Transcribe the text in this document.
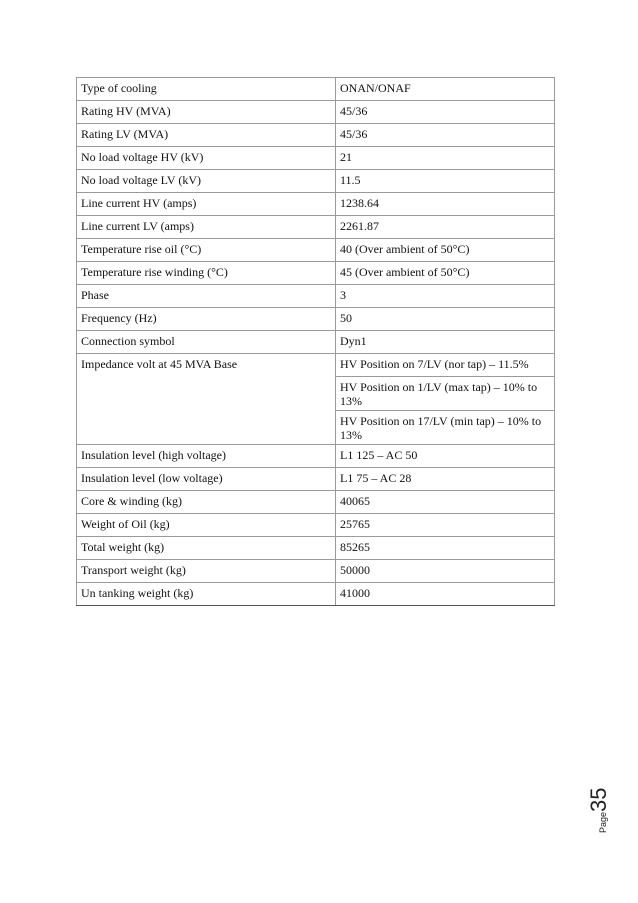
Type of cooling	ONAN/ONAF
Rating HV (MVA)	45/36
Rating LV (MVA)	45/36
No load voltage HV (kV)	21
No load voltage LV (kV)	11.5
Line current HV (amps)	1238.64
Line current LV (amps)	2261.87
Temperature rise oil (°C)	40 (Over ambient of 50°C)
Temperature rise winding (°C)	45 (Over ambient of 50°C)
Phase	3
Frequency (Hz)	50
Connection symbol	Dyn1
Impedance volt at 45 MVA Base	HV Position on 7/LV (nor tap) – 11.5%
	HV Position on 1/LV (max tap) – 10% to 13%
	HV Position on 17/LV (min tap) – 10% to 13%
Insulation level (high voltage)	L1 125 – AC 50
Insulation level (low voltage)	L1 75 – AC 28
Core & winding (kg)	40065
Weight of Oil (kg)	25765
Total weight (kg)	85265
Transport weight (kg)	50000
Un tanking weight (kg)	41000
Page35
